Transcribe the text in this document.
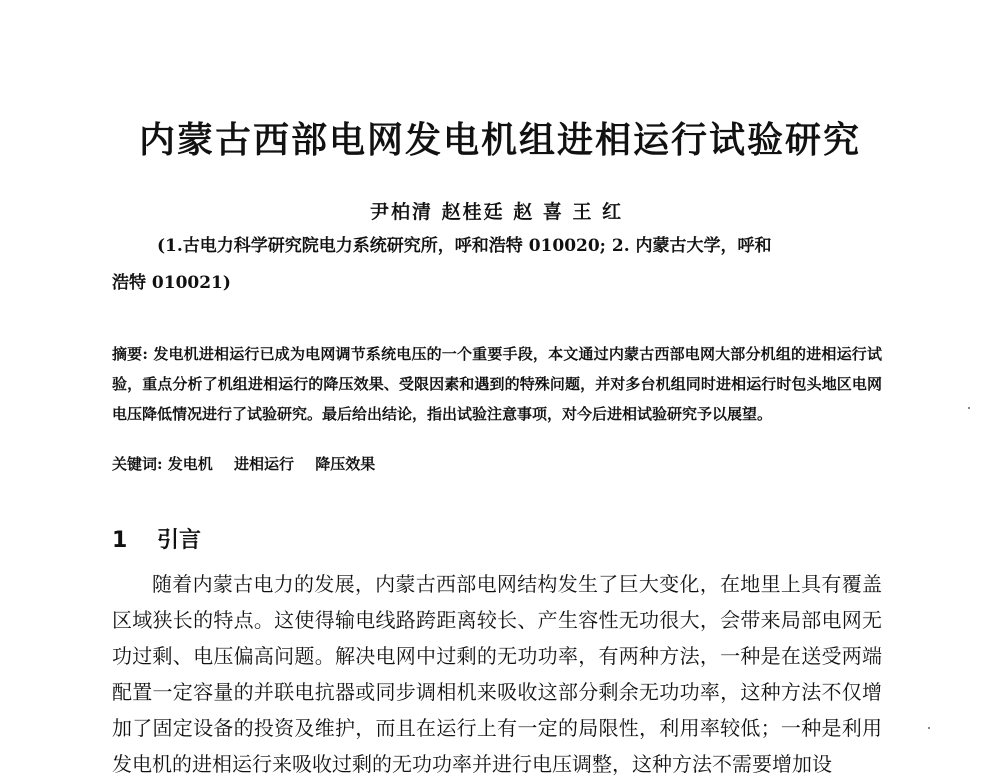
内蒙古西部电网发电机组进相运行试验研究
尹柏清 赵桂廷 赵 喜 王 红
(1.古电力科学研究院电力系统研究所，呼和浩特 010020; 2. 内蒙古大学，呼和
浩特 010021)
摘要: 发电机进相运行已成为电网调节系统电压的一个重要手段，本文通过内蒙古西部电网大部分机组的进相运行试验，重点分析了机组进相运行的降压效果、受限因素和遇到的特殊问题，并对多台机组同时进相运行时包头地区电网电压降低情况进行了试验研究。最后给出结论，指出试验注意事项，对今后进相试验研究予以展望。
关键词: 发电机 进相运行 降压效果
1 引言

随着内蒙古电力的发展，内蒙古西部电网结构发生了巨大变化，在地里上具有覆盖区域狭长的特点。这使得输电线路跨距离较长、产生容性无功很大，会带来局部电网无功过剩、电压偏高问题。解决电网中过剩的无功功率，有两种方法，一种是在送受两端配置一定容量的并联电抗器或同步调相机来吸收这部分剩余无功功率，这种方法不仅增加了固定设备的投资及维护，而且在运行上有一定的局限性，利用率较低；一种是利用发电机的进相运行来吸收过剩的无功功率并进行电压调整，这种方法不需要增加设
